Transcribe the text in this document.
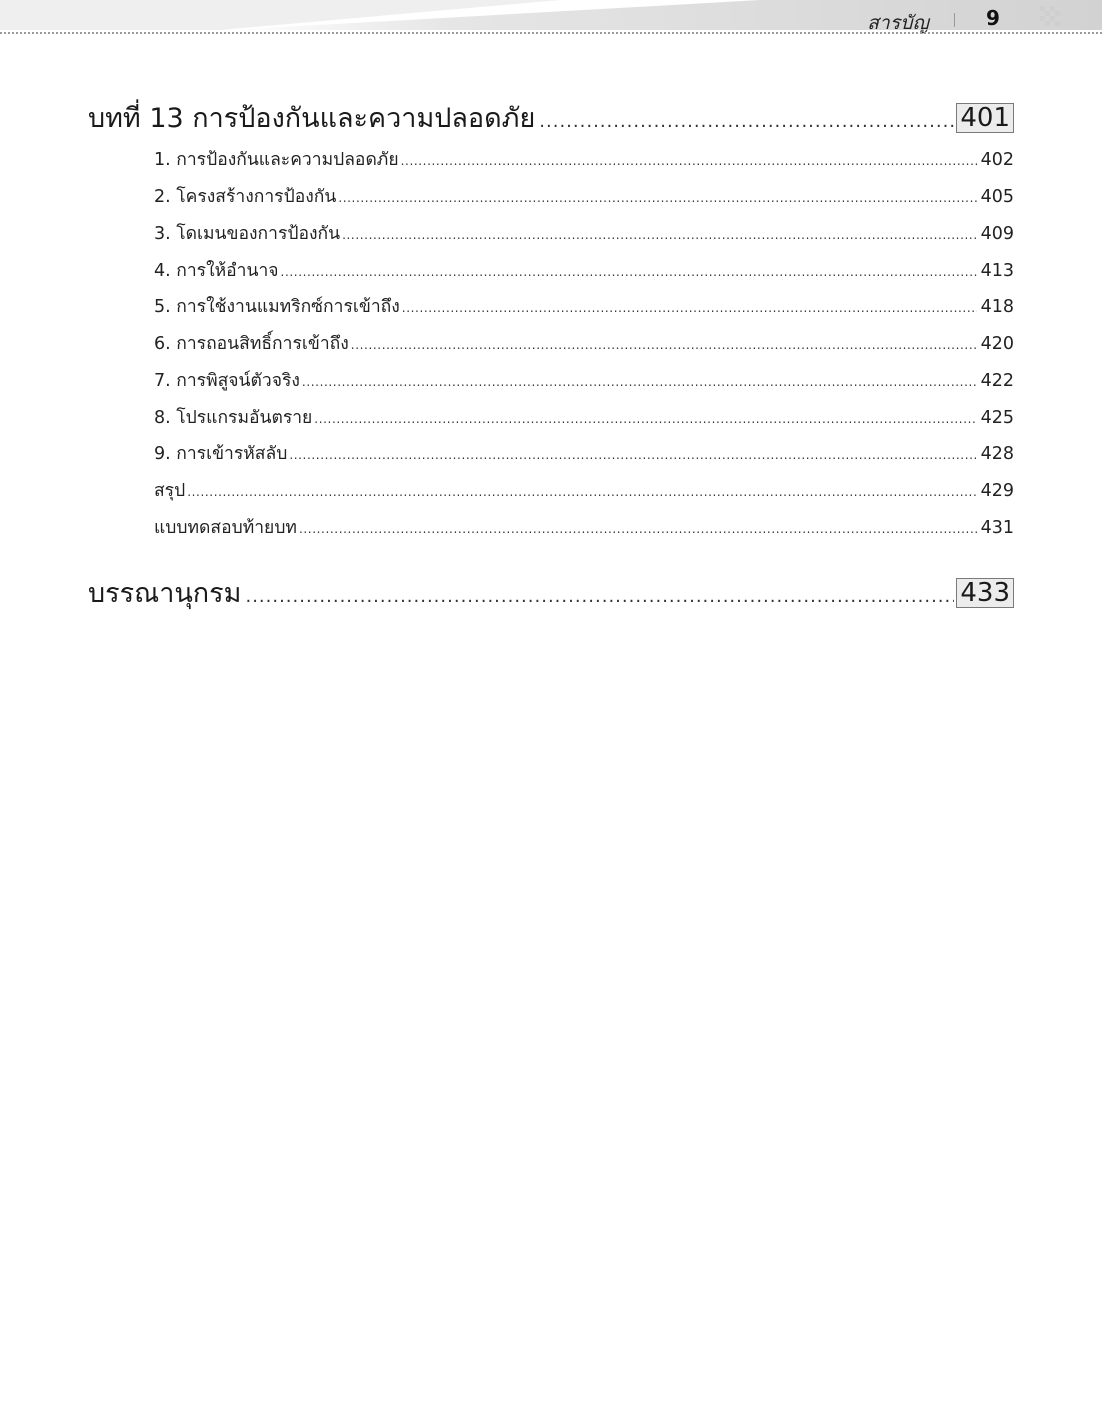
สารบัญ	9
บทที่ 13 การป้องกันและความปลอดภัย .....	401
1. การป้องกันและความปลอดภัย .....	402
2. โครงสร้างการป้องกัน .....	405
3. โดเมนของการป้องกัน .....	409
4. การให้อำนาจ .....	413
5. การใช้งานแมทริกซ์การเข้าถึง .....	418
6. การถอนสิทธิ์การเข้าถึง .....	420
7. การพิสูจน์ตัวจริง .....	422
8. โปรแกรมอันตราย .....	425
9. การเข้ารหัสลับ .....	428
สรุป .....	429
แบบทดสอบท้ายบท .....	431
บรรณานุกรม .....	433
